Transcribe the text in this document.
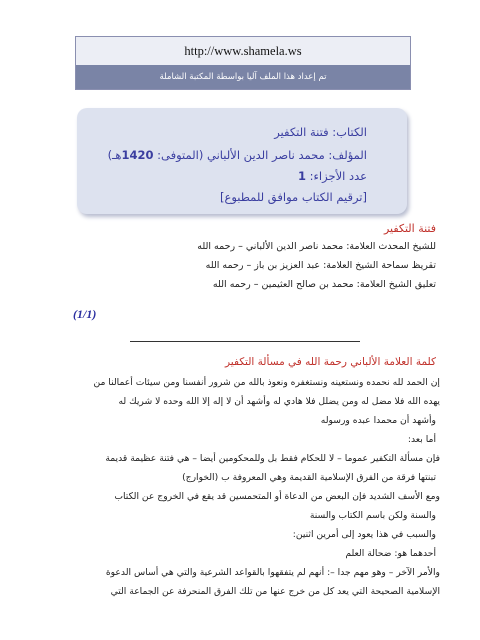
http://www.shamela.ws
تم إعداد هذا الملف آليا بواسطة المكتبة الشاملة
الكتاب: فتنة التكفير
المؤلف: محمد ناصر الدين الألباني (المتوفى: 1420هـ)
عدد الأجزاء: 1
[ترقيم الكتاب موافق للمطبوع]
فتنة التكفير
للشيخ المحدث العلامة: محمد ناصر الدين الألباني – رحمه الله
تقريظ سماحة الشيخ العلامة: عبد العزيز بن باز – رحمه الله
تعليق الشيخ العلامة: محمد بن صالح العثيمين – رحمه الله
(1/1)
كلمة العلامة الألباني رحمة الله في مسألة التكفير
إن الحمد لله نحمده ونستعينه ونستغفره ونعوذ بالله من شرور أنفسنا ومن سيئات أعمالنا من
يهده الله فلا مضل له ومن يضلل فلا هادي له وأشهد أن لا إله إلا الله وحده لا شريك له
وأشهد أن محمدا عبده ورسوله
أما بعد:
فإن مسألة التكفير عموما – لا للحكام فقط بل وللمحكومين أيضا – هي فتنة عظيمة قديمة
تبنتها فرقة من الفرق الإسلامية القديمة وهي المعروفة ب (الخوارج)
ومع الأسف الشديد فإن البعض من الدعاة أو المتحمسين قد يقع في الخروج عن الكتاب
والسنة ولكن باسم الكتاب والسنة
والسبب في هذا يعود إلى أمرين اثنين:
أحدهما هو: ضحالة العلم
والأمر الآخر – وهو مهم جدا –: أنهم لم يتفقهوا بالقواعد الشرعية والتي هي أساس الدعوة
الإسلامية الصحيحة التي يعد كل من خرج عنها من تلك الفرق المنحرفة عن الجماعة التي
